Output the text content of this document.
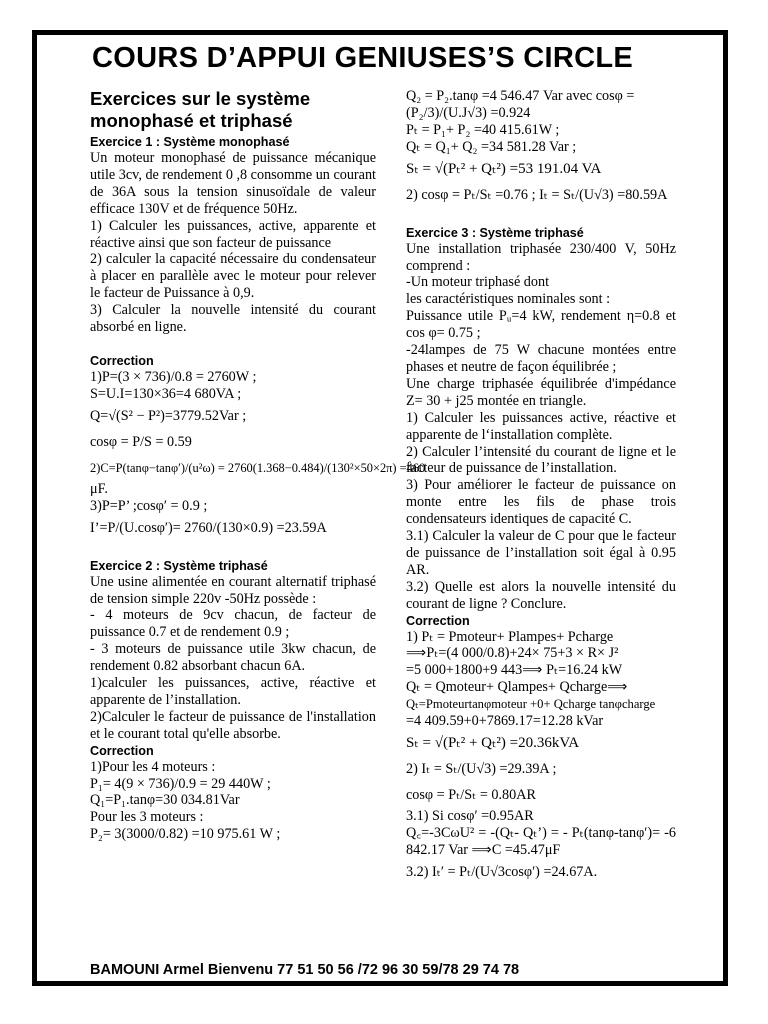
COURS D’APPUI GENIUSES’S CIRCLE

Exercices sur le système monophasé et triphasé

Exercice 1 : Système monophasé

Un moteur monophasé de puissance mécanique utile 3cv, de rendement 0 ,8 consomme un courant de 36A sous la tension sinusoïdale de valeur efficace 130V et de fréquence 50Hz.

1) Calculer les puissances, active, apparente et réactive ainsi que son facteur de puissance

2) calculer la capacité nécessaire du condensateur à placer en parallèle avec le moteur pour relever le facteur de Puissance à 0,9.

3) Calculer la nouvelle intensité du courant absorbé en ligne.

Correction

1)P=(3 × 736)/0.8 = 2760W ;

S=U.I=130×36=4 680VA ;

Q=√(S² − P²)=3779.52Var ;

cosφ = P/S = 0.59

2)C=P(tanφ−tanφ′)/(u²ω) = 2760(1.368−0.484)/(130²×50×2π) =460

μF.

3)P=P’ ;cosφ′ = 0.9 ;

I’=P/(U.cosφ′)= 2760/(130×0.9) =23.59A

Exercice 2 : Système triphasé

Une usine alimentée en courant alternatif triphasé de tension simple 220v -50Hz possède :

- 4 moteurs de 9cv chacun, de facteur de puissance 0.7 et de rendement 0.9 ;

- 3 moteurs de puissance utile 3kw chacun, de rendement 0.82 absorbant chacun 6A.

1)calculer les puissances, active, réactive et apparente de l’installation.

2)Calculer le facteur de puissance de l'installation et le courant total qu'elle absorbe.

Correction

1)Pour les 4 moteurs :

P₁= 4(9 × 736)/0.9 = 29 440W ;

Q₁=P₁.tanφ=30 034.81Var

Pour les 3 moteurs :

P₂= 3(3000/0.82) =10 975.61 W ;

Q₂ = P₂.tanφ =4 546.47 Var avec cosφ =

(P₂/3)/(U.J√3) =0.924

Pₜ = P₁+ P₂ =40 415.61W ;

Qₜ = Q₁+ Q₂ =34 581.28 Var ;

Sₜ = √(Pₜ² + Qₜ²) =53 191.04 VA

2) cosφ = Pₜ/Sₜ =0.76 ; Iₜ = Sₜ/(U√3) =80.59A

Exercice 3 : Système triphasé

Une installation triphasée 230/400 V, 50Hz comprend :

-Un moteur triphasé dont

les caractéristiques nominales sont :

Puissance utile Pᵤ=4 kW, rendement η=0.8 et cos φ= 0.75 ;

-24lampes de 75 W chacune montées entre phases et neutre de façon équilibrée ;

Une charge triphasée équilibrée d'impédance Z= 30 + j25 montée en triangle.

1) Calculer les puissances active, réactive et apparente de l‘installation complète.

2) Calculer l’intensité du courant de ligne et le facteur de puissance de l’installation.

3) Pour améliorer le facteur de puissance on monte entre les fils de phase trois condensateurs identiques de capacité C.

3.1) Calculer la valeur de C pour que le facteur de puissance de l’installation soit égal à 0.95 AR.

3.2) Quelle est alors la nouvelle intensité du courant de ligne ? Conclure.

Correction

1) Pₜ = Pmoteur+ Plampes+ Pcharge

⟹Pₜ=(4 000/0.8)+24× 75+3 × R× J²

=5 000+1800+9 443⟹ Pₜ=16.24 kW

Qₜ = Qmoteur+ Qlampes+ Qcharge⟹

Qₜ=Pmoteurtanφmoteur +0+ Qcharge tanφcharge

=4 409.59+0+7869.17=12.28 kVar

Sₜ = √(Pₜ² + Qₜ²) =20.36kVA

2) Iₜ = Sₜ/(U√3) =29.39A ;

cosφ = Pₜ/Sₜ = 0.80AR

3.1) Si cosφ′ =0.95AR

Q꜀=-3CωU² = -(Qₜ- Qₜ’) = - Pₜ(tanφ-tanφ′)= -6 842.17 Var ⟹C =45.47μF

3.2) Iₜ′ = Pₜ/(U√3cosφ′) =24.67A.

BAMOUNI Armel Bienvenu 77 51 50 56 /72 96 30 59/78 29 74 78
